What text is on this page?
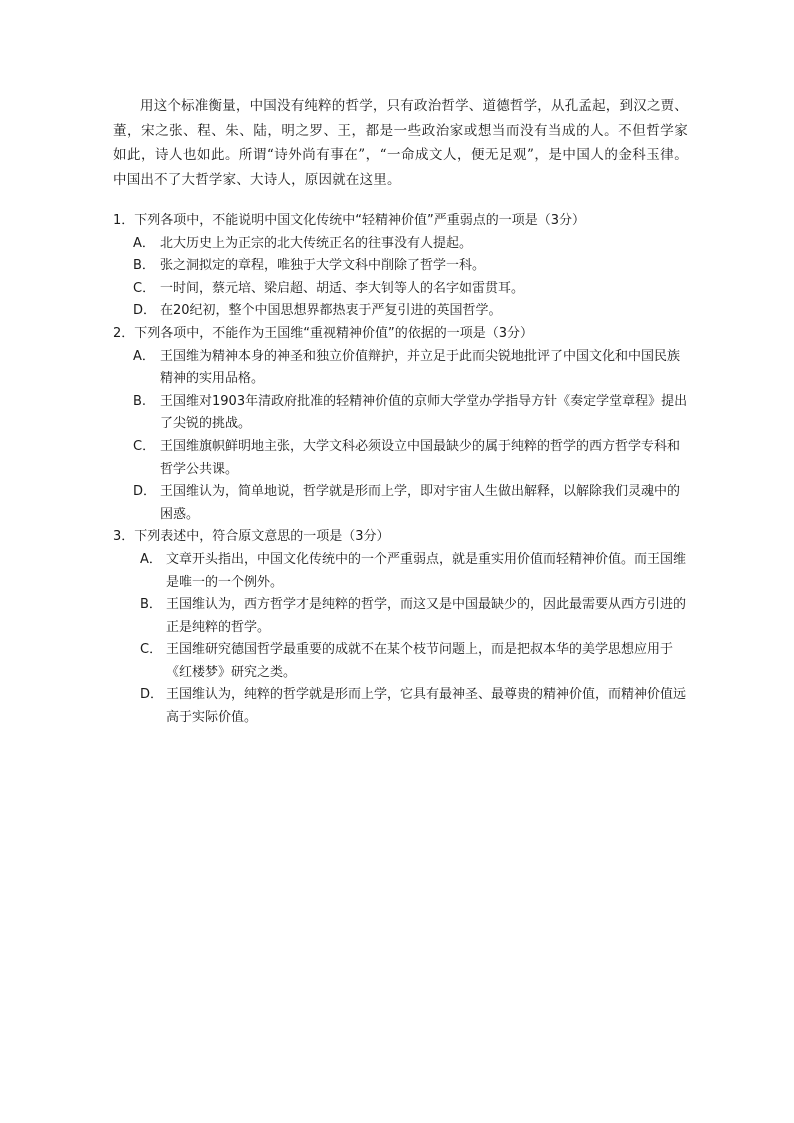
用这个标准衡量，中国没有纯粹的哲学，只有政治哲学、道德哲学，从孔孟起，到汉之贾、董，宋之张、程、朱、陆，明之罗、王，都是一些政治家或想当而没有当成的人。不但哲学家如此，诗人也如此。所谓“诗外尚有事在”，“一命成文人，便无足观”，是中国人的金科玉律。中国出不了大哲学家、大诗人，原因就在这里。

1．下列各项中，不能说明中国文化传统中“轻精神价值”严重弱点的一项是（3分）
A． 北大历史上为正宗的北大传统正名的往事没有人提起。
B． 张之洞拟定的章程，唯独于大学文科中削除了哲学一科。
C． 一时间，蔡元培、梁启超、胡适、李大钊等人的名字如雷贯耳。
D． 在20纪初，整个中国思想界都热衷于严复引进的英国哲学。
2．下列各项中，不能作为王国维“重视精神价值”的依据的一项是（3分）
A． 王国维为精神本身的神圣和独立价值辩护，并立足于此而尖锐地批评了中国文化和中国民族精神的实用品格。
B. 王国维对1903年清政府批准的轻精神价值的京师大学堂办学指导方针《奏定学堂章程》提出了尖锐的挑战。
C． 王国维旗帜鲜明地主张，大学文科必须设立中国最缺少的属于纯粹的哲学的西方哲学专科和哲学公共课。
D． 王国维认为，简单地说，哲学就是形而上学，即对宇宙人生做出解释，以解除我们灵魂中的困惑。
3．下列表述中，符合原文意思的一项是（3分）
A． 文章开头指出，中国文化传统中的一个严重弱点，就是重实用价值而轻精神价值。而王国维是唯一的一个例外。
B． 王国维认为，西方哲学才是纯粹的哲学，而这又是中国最缺少的，因此最需要从西方引进的正是纯粹的哲学。
C． 王国维研究德国哲学最重要的成就不在某个枝节问题上，而是把叔本华的美学思想应用于《红楼梦》研究之类。
D． 王国维认为，纯粹的哲学就是形而上学，它具有最神圣、最尊贵的精神价值，而精神价值远高于实际价值。
